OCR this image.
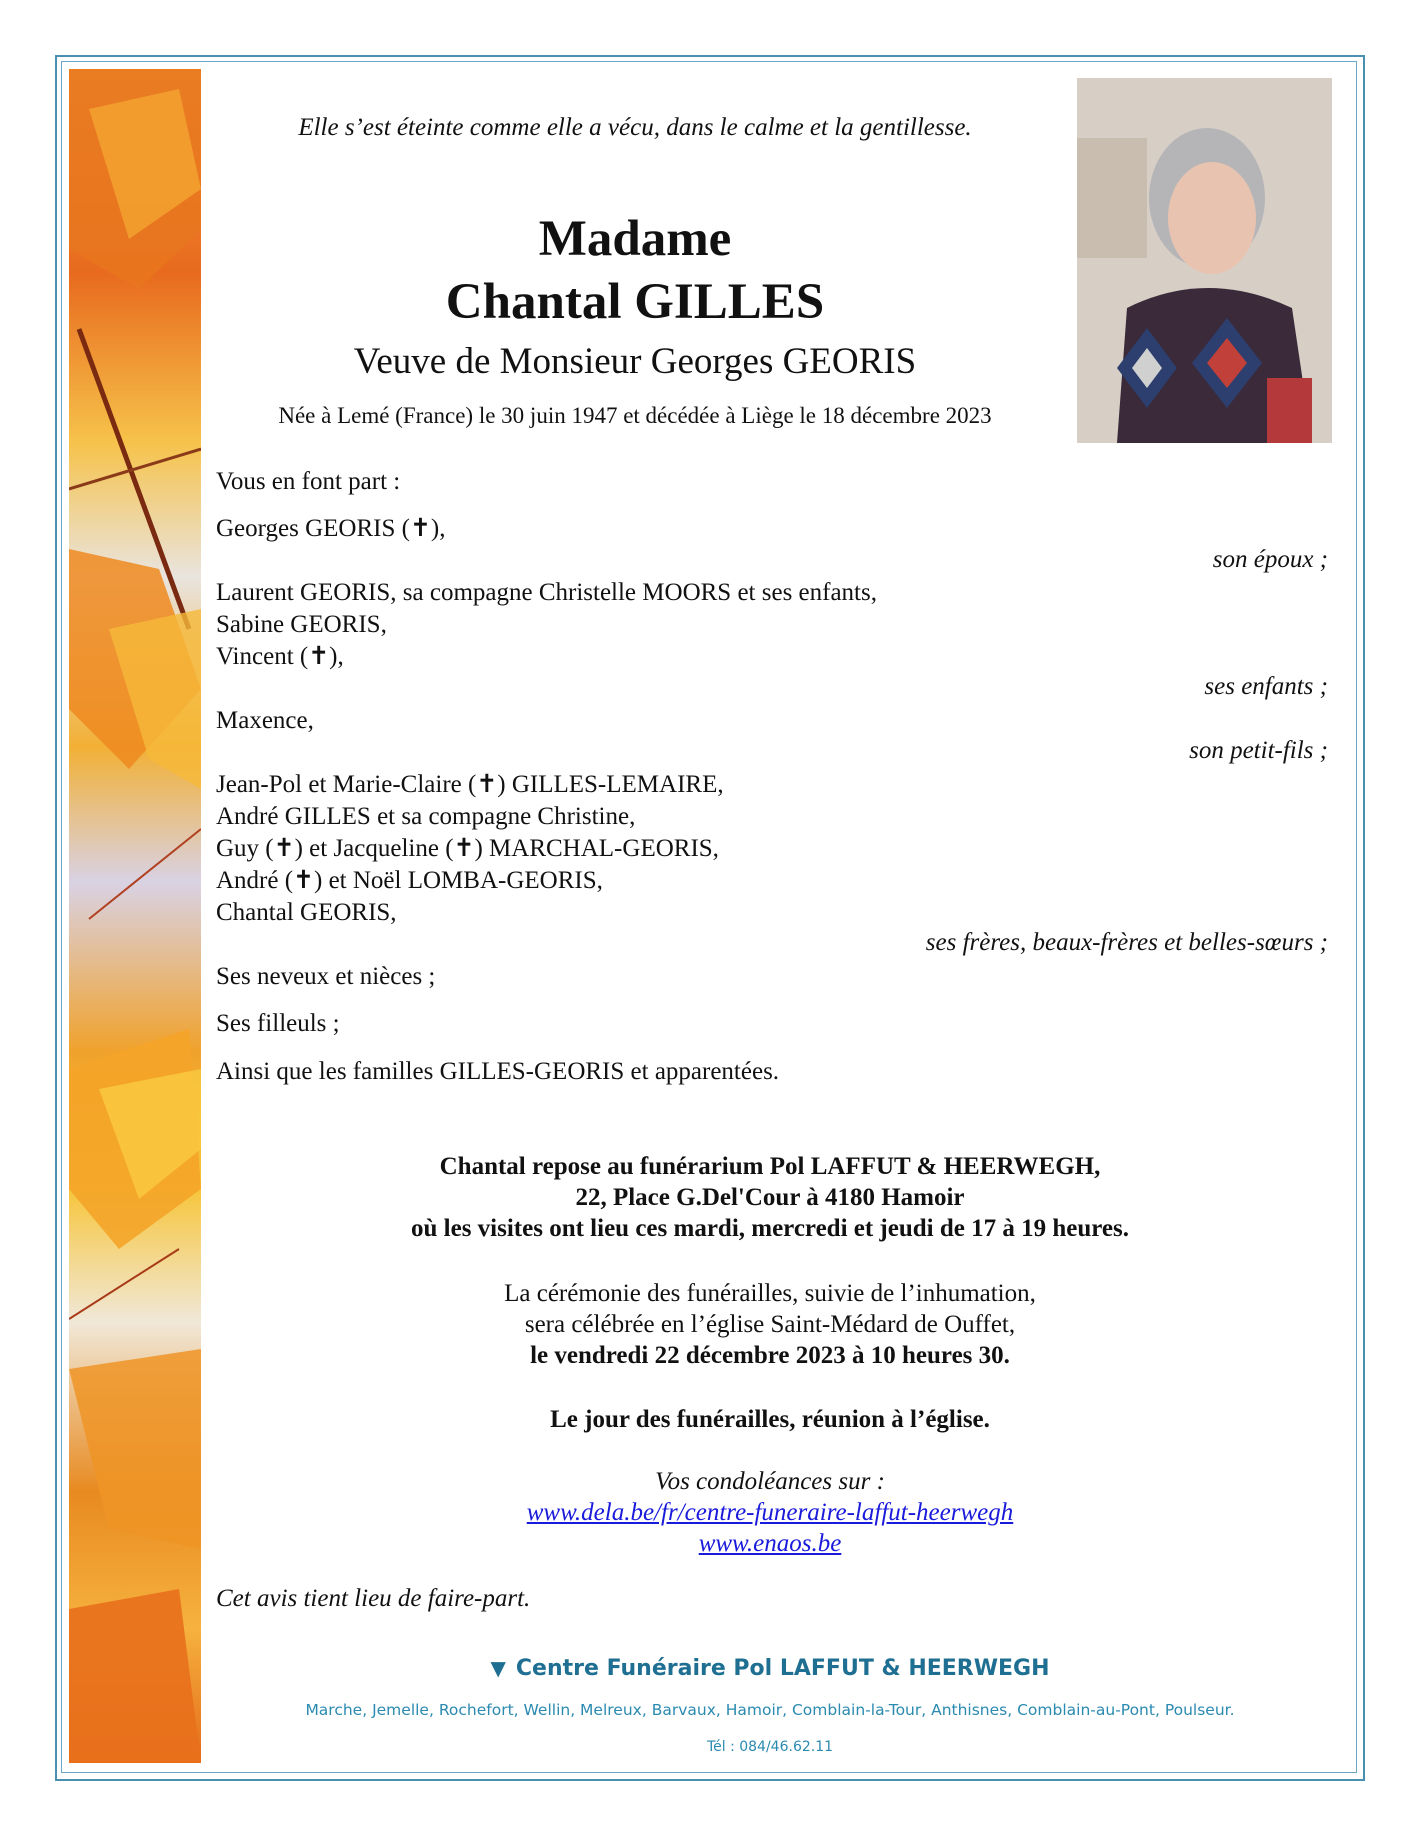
Elle s’est éteinte comme elle a vécu, dans le calme et la gentillesse.
Madame
Chantal GILLES
Veuve de Monsieur Georges GEORIS
Née à Lemé (France) le 30 juin 1947 et décédée à Liège le 18 décembre 2023
Vous en font part :
Georges GEORIS (✝),
son époux ;
Laurent GEORIS, sa compagne Christelle MOORS et ses enfants,
Sabine GEORIS,
Vincent (✝),
ses enfants ;
Maxence,
son petit-fils ;
Jean-Pol et Marie-Claire (✝) GILLES-LEMAIRE,
André GILLES et sa compagne Christine,
Guy (✝) et Jacqueline (✝) MARCHAL-GEORIS,
André (✝) et Noël LOMBA-GEORIS,
Chantal GEORIS,
ses frères, beaux-frères et belles-sœurs ;
Ses neveux et nièces ;
Ses filleuls ;
Ainsi que les familles GILLES-GEORIS et apparentées.
Chantal repose au funérarium Pol LAFFUT & HEERWEGH,
22, Place G.Del'Cour à 4180 Hamoir
où les visites ont lieu ces mardi, mercredi et jeudi de 17 à 19 heures.
La cérémonie des funérailles, suivie de l’inhumation,
sera célébrée en l’église Saint-Médard de Ouffet,
le vendredi 22 décembre 2023 à 10 heures 30.
Le jour des funérailles, réunion à l’église.
Vos condoléances sur :
www.dela.be/fr/centre-funeraire-laffut-heerwegh
www.enaos.be
Cet avis tient lieu de faire-part.
▼ Centre Funéraire Pol LAFFUT & HEERWEGH
Marche, Jemelle, Rochefort, Wellin, Melreux, Barvaux, Hamoir, Comblain-la-Tour, Anthisnes, Comblain-au-Pont, Poulseur.
Tél : 084/46.62.11
